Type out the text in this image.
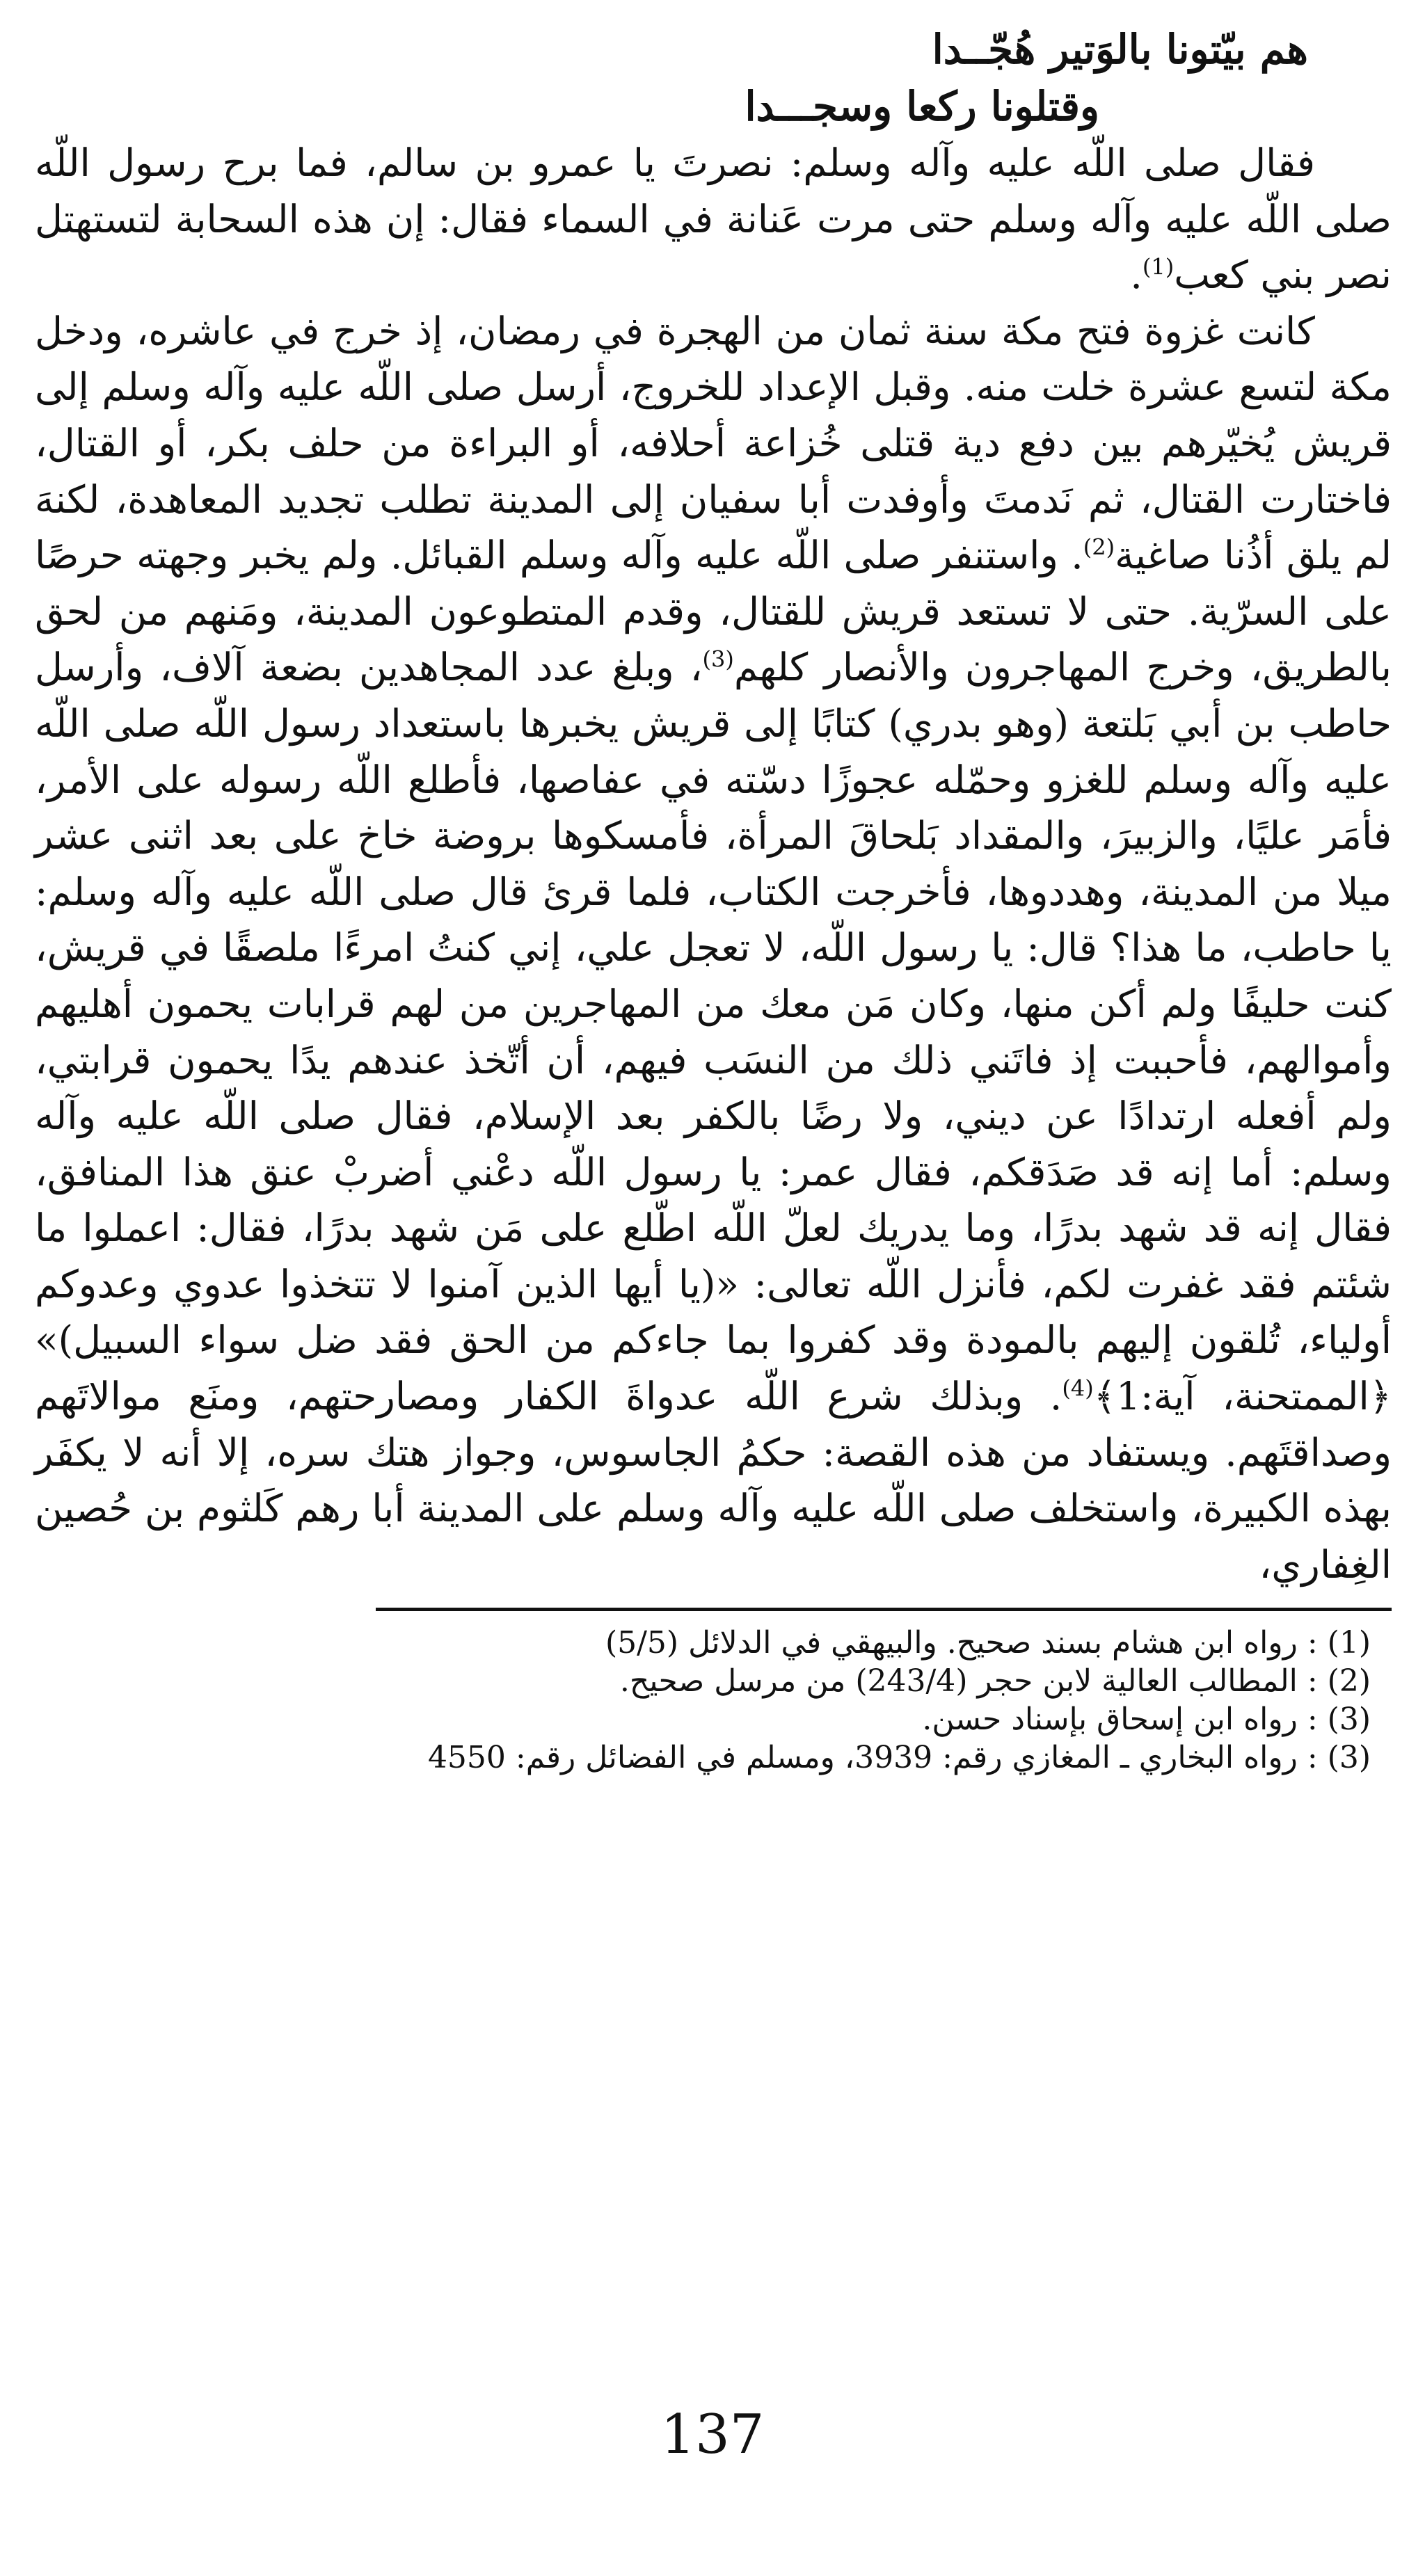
هم بيّتونا بالوَتير هُجّــدا
وقتلونا ركعا وسجـــدا

فقال صلى اللّه عليه وآله وسلم: نصرتَ يا عمرو بن سالم، فما برح رسول اللّه صلى اللّه عليه وآله وسلم حتى مرت عَنانة في السماء فقال: إن هذه السحابة لتستهتل نصر بني كعب$^{(1)}$.

كانت غزوة فتح مكة سنة ثمان من الهجرة في رمضان، إذ خرج في عاشره، ودخل مكة لتسع عشرة خلت منه. وقبل الإعداد للخروج، أرسل صلى اللّه عليه وآله وسلم إلى قريش يُخيّرهم بين دفع دية قتلى خُزاعة أحلافه، أو البراءة من حلف بكر، أو القتال، فاختارت القتال، ثم نَدمتَ وأوفدت أبا سفيان إلى المدينة تطلب تجديد المعاهدة، لكنهَ لم يلق أذُنا صاغية$^{(2)}$. واستنفر صلى اللّه عليه وآله وسلم القبائل. ولم يخبر وجهته حرصًا على السرّية. حتى لا تستعد قريش للقتال، وقدم المتطوعون المدينة، ومَنهم من لحق بالطريق، وخرج المهاجرون والأنصار كلهم$^{(3)}$، وبلغ عدد المجاهدين بضعة آلاف، وأرسل حاطب بن أبي بَلتعة (وهو بدري) كتابًا إلى قريش يخبرها باستعداد رسول اللّه صلى اللّه عليه وآله وسلم للغزو وحمّله عجوزًا دسّته في عفاصها، فأطلع اللّه رسوله على الأمر، فأمَر عليًا، والزبيرَ، والمقداد بَلحاقَ المرأة، فأمسكوها بروضة خاخ على بعد اثنى عشر ميلا من المدينة، وهددوها، فأخرجت الكتاب، فلما قرئ قال صلى اللّه عليه وآله وسلم: يا حاطب، ما هذا؟ قال: يا رسول اللّه، لا تعجل علي، إني كنتُ امرءًا ملصقًا في قريش، كنت حليفًا ولم أكن منها، وكان مَن معك من المهاجرين من لهم قرابات يحمون أهليهم وأموالهم، فأحببت إذ فاتَني ذلك من النسَب فيهم، أن أتّخذ عندهم يدًا يحمون قرابتي، ولم أفعله ارتدادًا عن ديني، ولا رضًا بالكفر بعد الإسلام، فقال صلى اللّه عليه وآله وسلم: أما إنه قد صَدَقكم، فقال عمر: يا رسول اللّه دعْني أضربْ عنق هذا المنافق، فقال إنه قد شهد بدرًا، وما يدريك لعلّ اللّه اطّلع على مَن شهد بدرًا، فقال: اعملوا ما شئتم فقد غفرت لكم، فأنزل اللّه تعالى: «(يا أيها الذين آمنوا لا تتخذوا عدوي وعدوكم أولياء، تُلقون إليهم بالمودة وقد كفروا بما جاءكم من الحق فقد ضل سواء السبيل)» ﴿الممتحنة، آية:1﴾$^{(4)}$. وبذلك شرع اللّه عدواةَ الكفار ومصارحتهم، ومنَع موالاتَهم وصداقتَهم. ويستفاد من هذه القصة: حكمُ الجاسوس، وجواز هتك سره، إلا أنه لا يكفَر بهذه الكبيرة، واستخلف صلى اللّه عليه وآله وسلم على المدينة أبا رهم كَلثوم بن حُصين الغِفاري،

(1) : رواه ابن هشام بسند صحيح. والبيهقي في الدلائل (5/5)

(2) : المطالب العالية لابن حجر (243/4) من مرسل صحيح.

(3) : رواه ابن إسحاق بإسناد حسن.

(3) : رواه البخاري ـ المغازي رقم: 3939، ومسلم في الفضائل رقم: 4550

137
